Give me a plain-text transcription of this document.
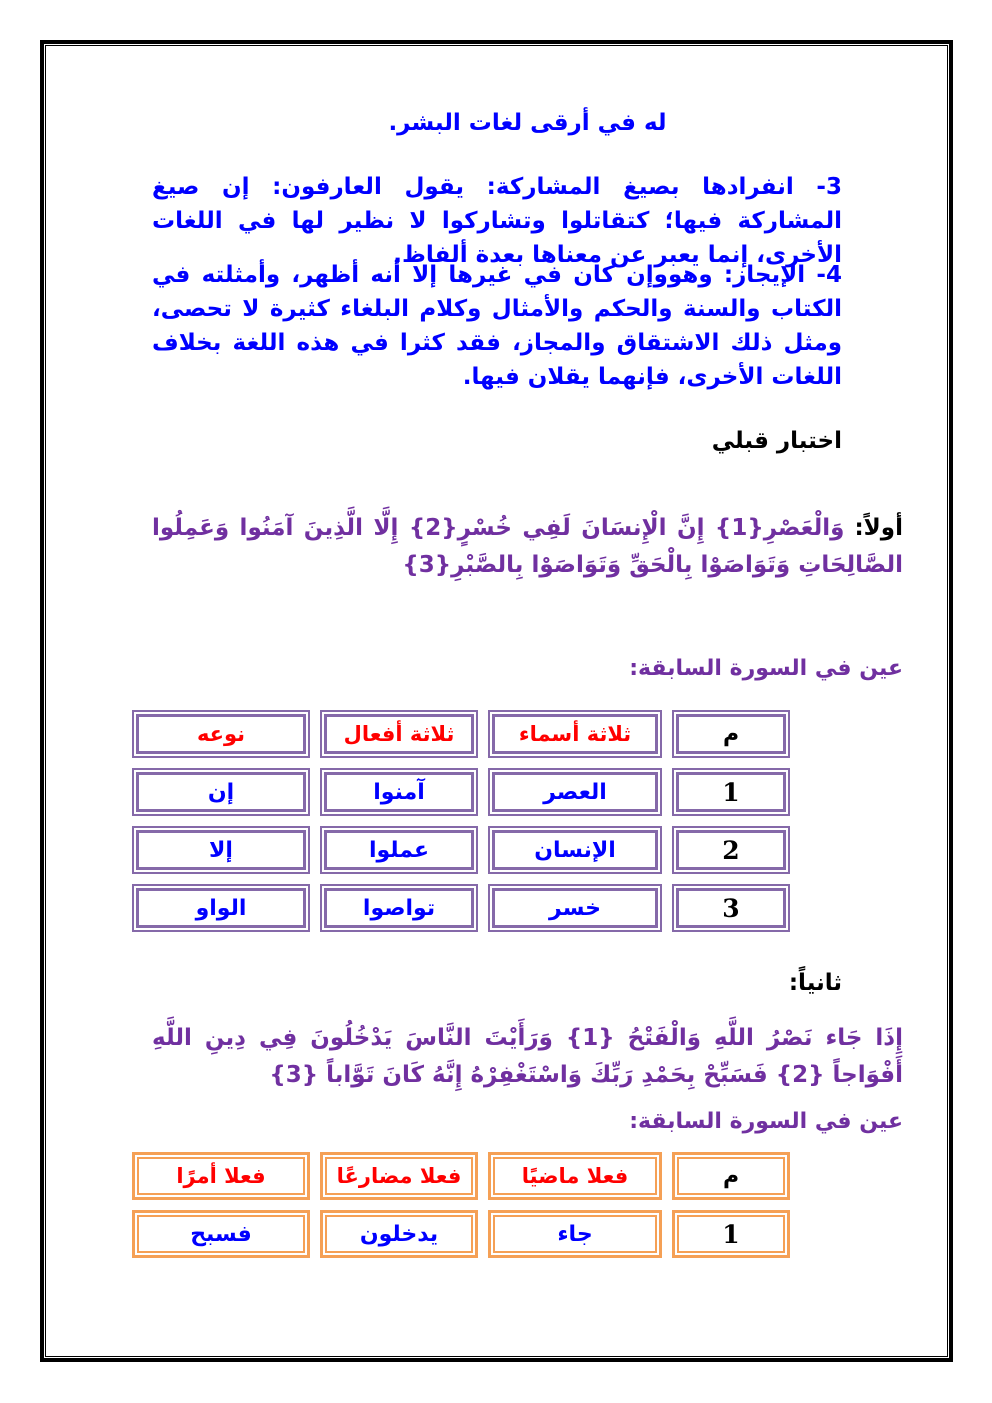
له في أرقى لغات البشر.

3- انفرادها بصيغ المشاركة: يقول العارفون: إن صيغ المشاركة فيها؛ كتقاتلوا وتشاركوا لا نظير لها في اللغات الأخرى، إنما يعبر عن معناها بعدة ألفاظ.

4- الإيجاز: وهووإن كان في غيرها إلا أنه أظهر، وأمثلته في الكتاب والسنة والحكم والأمثال وكلام البلغاء كثيرة لا تحصى، ومثل ذلك الاشتقاق والمجاز، فقد كثرا في هذه اللغة بخلاف اللغات الأخرى، فإنهما يقلان فيها.

اختبار قبلي

أولاً:وَالْعَصْرِ{1} إِنَّ الْإِنسَانَ لَفِي خُسْرٍ{2} إِلَّا الَّذِينَ آمَنُوا وَعَمِلُوا الصَّالِحَاتِ وَتَوَاصَوْا بِالْحَقِّ وَتَوَاصَوْا بِالصَّبْرِ{3}

عين في السورة السابقة:

م
ثلاثة أسماء
ثلاثة أفعال
نوعه
1
العصر
آمنوا
إن
2
الإنسان
عملوا
إلا
3
خسر
تواصوا
الواو

ثانياً:

إِذَا جَاء نَصْرُ اللَّهِ وَالْفَتْحُ {1} وَرَأَيْتَ النَّاسَ يَدْخُلُونَ فِي دِينِ اللَّهِ أَفْوَاجاً {2} فَسَبِّحْ بِحَمْدِ رَبِّكَ وَاسْتَغْفِرْهُ إِنَّهُ كَانَ تَوَّاباً {3}

عين في السورة السابقة:

م
فعلا ماضيًا
فعلا مضارعًا
فعلا أمرًا
1
جاء
يدخلون
فسبح
